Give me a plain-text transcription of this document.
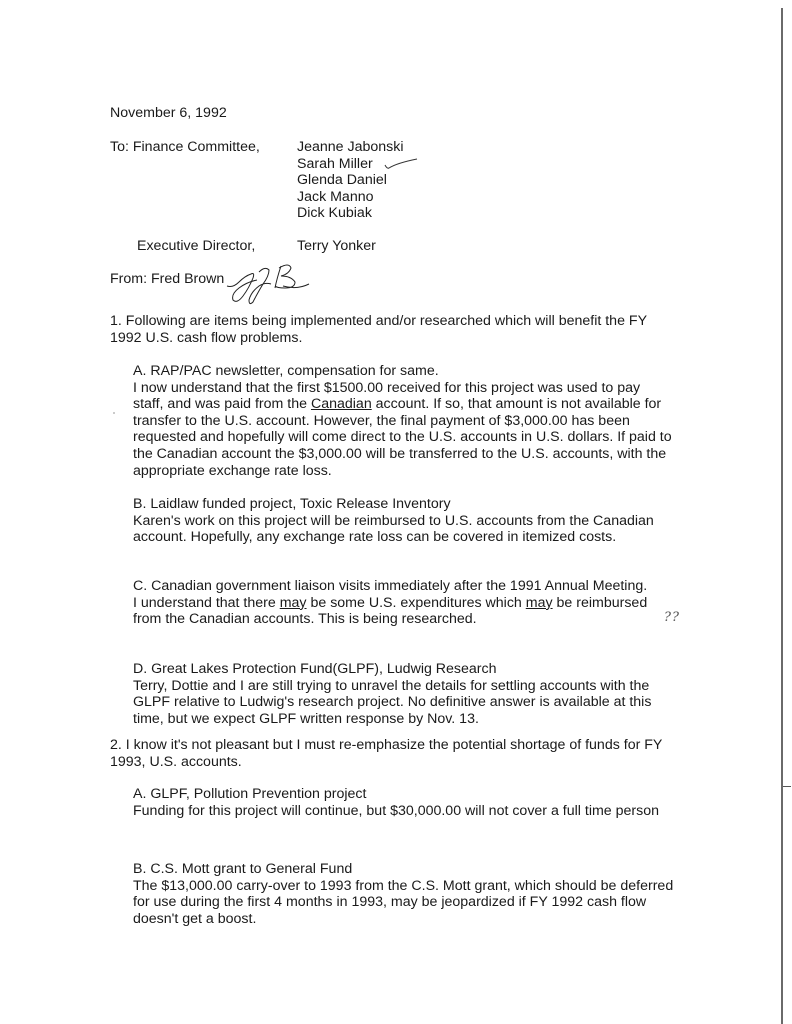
November 6, 1992
To: Finance Committee,	Jeanne Jabonski
Sarah Miller
Glenda Daniel
Jack Manno
Dick Kubiak
Executive Director,	Terry Yonker
From: Fred Brown
1. Following are items being implemented and/or researched which will benefit the FY 1992 U.S. cash flow problems.
A. RAP/PAC newsletter, compensation for same.
I now understand that the first $1500.00 received for this project was used to pay staff, and was paid from the Canadian account. If so, that amount is not available for transfer to the U.S. account. However, the final payment of $3,000.00 has been requested and hopefully will come direct to the U.S. accounts in U.S. dollars. If paid to the Canadian account the $3,000.00 will be transferred to the U.S. accounts, with the appropriate exchange rate loss.
B. Laidlaw funded project, Toxic Release Inventory
Karen's work on this project will be reimbursed to U.S. accounts from the Canadian account. Hopefully, any exchange rate loss can be covered in itemized costs.
C. Canadian government liaison visits immediately after the 1991 Annual Meeting.
I understand that there may be some U.S. expenditures which may be reimbursed from the Canadian accounts. This is being researched.	??
D. Great Lakes Protection Fund(GLPF), Ludwig Research
Terry, Dottie and I are still trying to unravel the details for settling accounts with the GLPF relative to Ludwig's research project. No definitive answer is available at this time, but we expect GLPF written response by Nov. 13.
2. I know it's not pleasant but I must re-emphasize the potential shortage of funds for FY 1993, U.S. accounts.
A. GLPF, Pollution Prevention project
Funding for this project will continue, but $30,000.00 will not cover a full time person
B. C.S. Mott grant to General Fund
The $13,000.00 carry-over to 1993 from the C.S. Mott grant, which should be deferred for use during the first 4 months in 1993, may be jeopardized if FY 1992 cash flow doesn't get a boost.
